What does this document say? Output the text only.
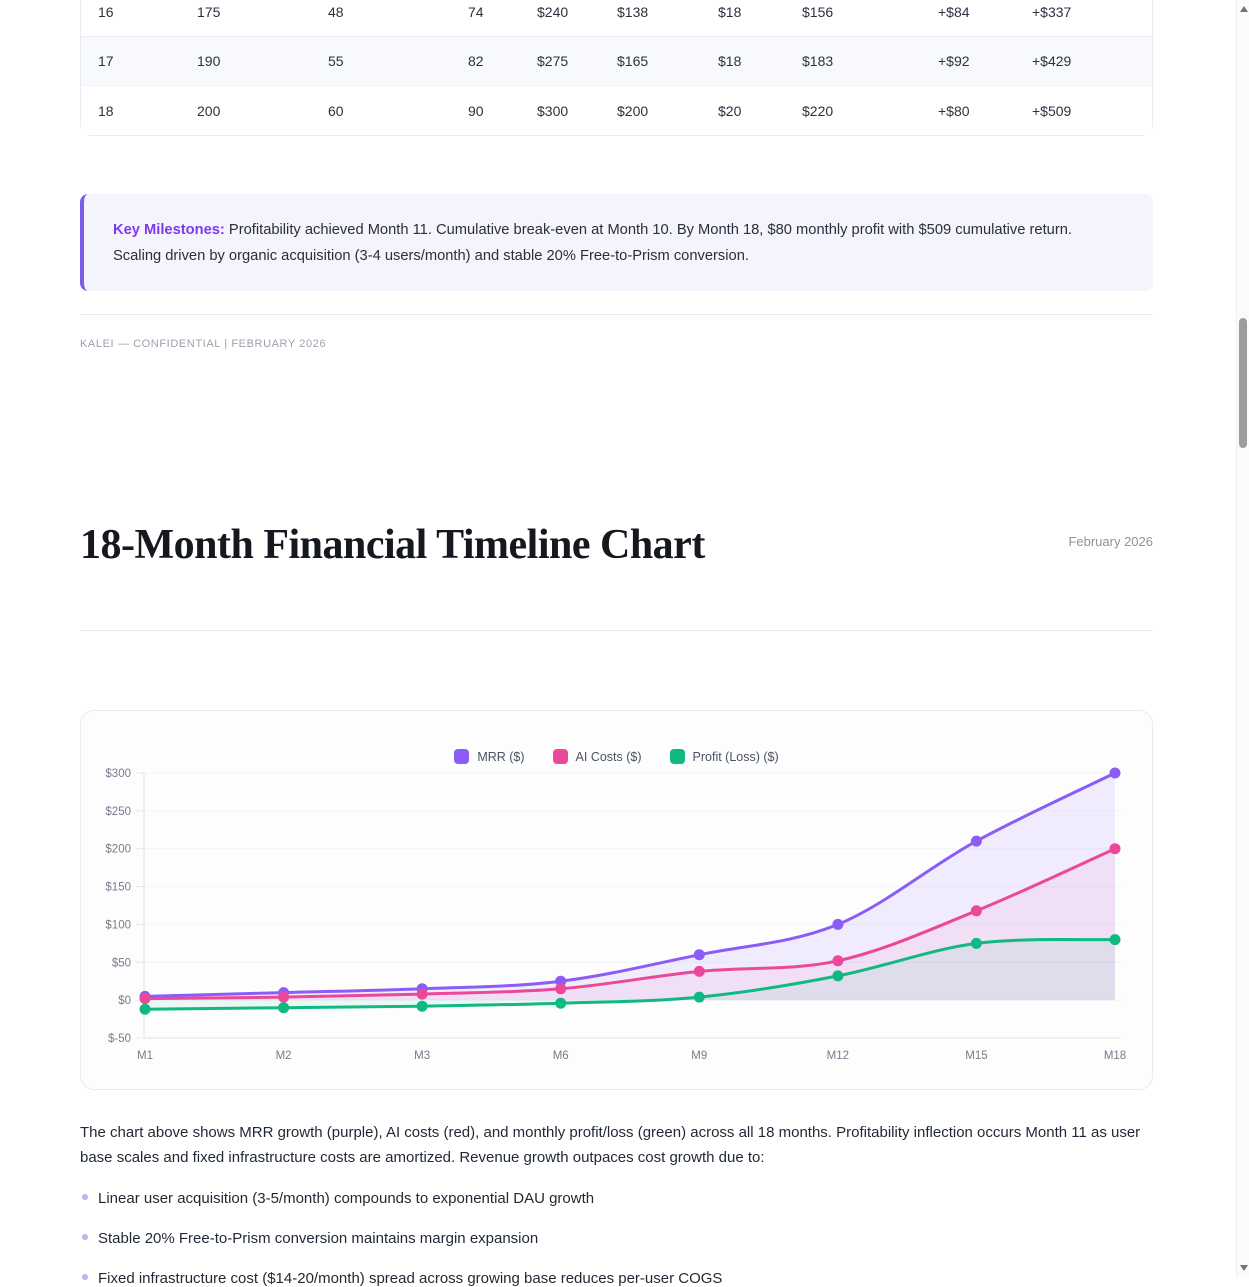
16	175	48	74	$240	$138	$18	$156	+$84	+$337
17	190	55	82	$275	$165	$18	$183	+$92	+$429
18	200	60	90	$300	$200	$20	$220	+$80	+$509
Key Milestones: Profitability achieved Month 11. Cumulative break-even at Month 10. By Month 18, $80 monthly profit with $509 cumulative return. Scaling driven by organic acquisition (3-4 users/month) and stable 20% Free-to-Prism conversion.
KALEI — CONFIDENTIAL | FEBRUARY 2026
18-Month Financial Timeline Chart	February 2026
MRR ($)	AI Costs ($)	Profit (Loss) ($)
$300
$250
$200
$150
$100
$50
$0
$-50
M1	M2	M3	M6	M9	M12	M15	M18

The chart above shows MRR growth (purple), AI costs (red), and monthly profit/loss (green) across all 18 months. Profitability inflection occurs Month 11 as user base scales and fixed infrastructure costs are amortized. Revenue growth outpaces cost growth due to:

Linear user acquisition (3-5/month) compounds to exponential DAU growth
Stable 20% Free-to-Prism conversion maintains margin expansion
Fixed infrastructure cost ($14-20/month) spread across growing base reduces per-user COGS
